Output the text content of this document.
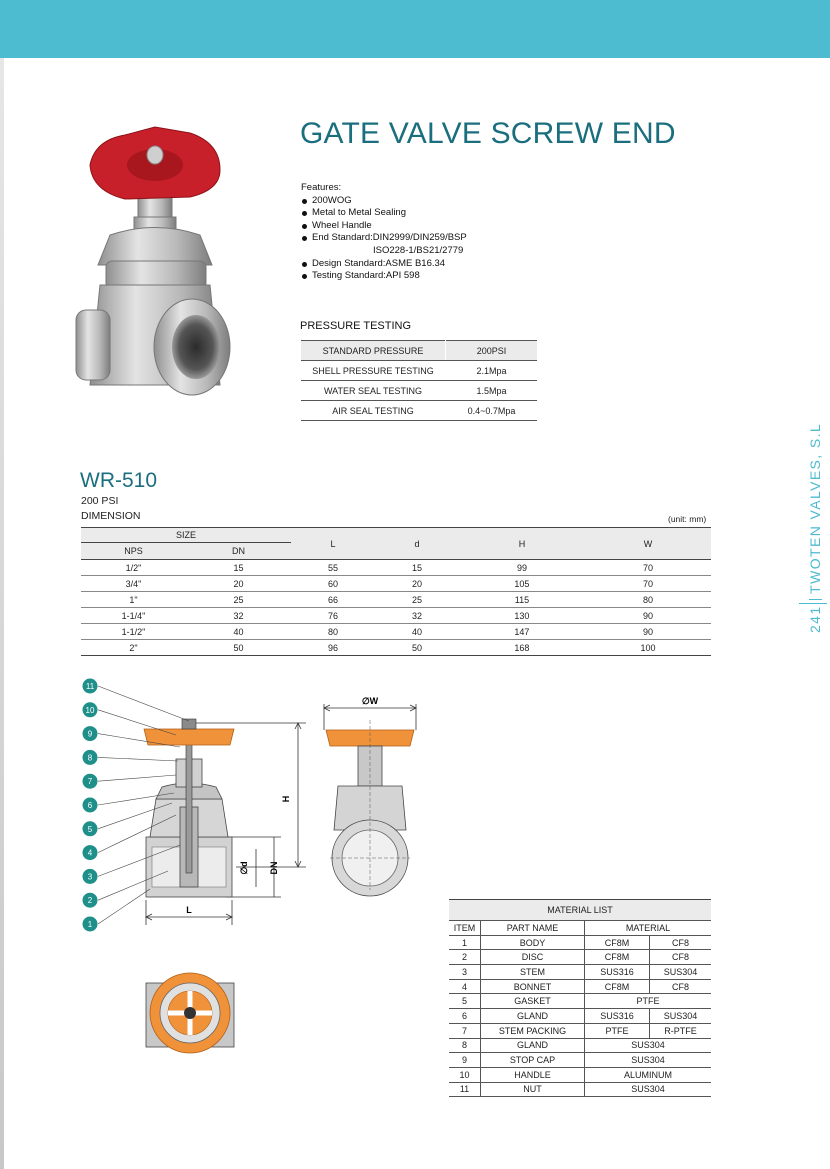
GATE VALVE SCREW END
Features:
200WOG
Metal to Metal Sealing
Wheel Handle
End Standard:DIN2999/DIN259/BSP
ISO228-1/BS21/2779
Design Standard:ASME B16.34
Testing Standard:API 598
PRESSURE TESTING
STANDARD PRESSURE	200PSI
SHELL PRESSURE TESTING	2.1Mpa
WATER SEAL TESTING	1.5Mpa
AIR SEAL TESTING	0.4~0.7Mpa
WR-510
200 PSI
DIMENSION	(unit: mm)
SIZE		L	d	H	W
NPS	DN				
1/2"	15	55	15	99	70
3/4"	20	60	20	105	70
1"	25	66	25	115	80
1-1/4"	32	76	32	130	90
1-1/2"	40	80	40	147	90
2"	50	96	50	168	100
241  TWOTEN VALVES, S.L
H
∅d DN
L
11
10
9
8
7
6
5
4
3
2
1
∅W
MATERIAL LIST			
ITEM	PART NAME	MATERIAL	
1	BODY	CF8M	CF8
2	DISC	CF8M	CF8
3	STEM	SUS316	SUS304
4	BONNET	CF8M	CF8
5	GASKET	PTFE	
6	GLAND	SUS316	SUS304
7	STEM PACKING	PTFE	R-PTFE
8	GLAND	SUS304	
9	STOP CAP	SUS304	
10	HANDLE	ALUMINUM	
11	NUT	SUS304	
